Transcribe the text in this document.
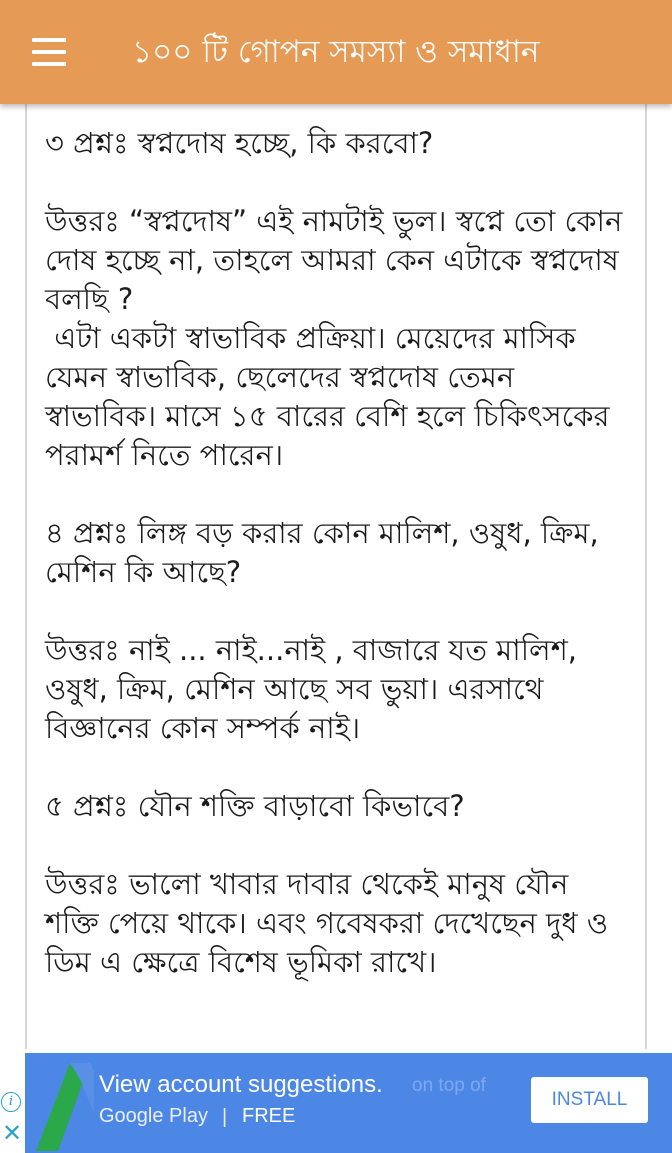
১০০ টি গোপন সমস্যা ও সমাধান

৩ প্রশ্নঃ স্বপ্নদোষ হচ্ছে, কি করবো?

উত্তরঃ “স্বপ্নদোষ” এই নামটাই ভুল। স্বপ্নে তো কোন দোষ হচ্ছে না, তাহলে আমরা কেন এটাকে স্বপ্নদোষ বলছি ?
এটা একটা স্বাভাবিক প্রক্রিয়া। মেয়েদের মাসিক যেমন স্বাভাবিক, ছেলেদের স্বপ্নদোষ তেমন স্বাভাবিক। মাসে ১৫ বারের বেশি হলে চিকিৎসকের পরামর্শ নিতে পারেন।

৪ প্রশ্নঃ লিঙ্গ বড় করার কোন মালিশ, ওষুধ, ক্রিম, মেশিন কি আছে?

উত্তরঃ নাই ... নাই...নাই , বাজারে যত মালিশ, ওষুধ, ক্রিম, মেশিন আছে সব ভুয়া। এরসাথে বিজ্ঞানের কোন সম্পর্ক নাই।

৫ প্রশ্নঃ যৌন শক্তি বাড়াবো কিভাবে?

উত্তরঃ ভালো খাবার দাবার থেকেই মানুষ যৌন শক্তি পেয়ে থাকে। এবং গবেষকরা দেখেছেন দুধ ও ডিম এ ক্ষেত্রে বিশেষ ভূমিকা রাখে।

i
✕
on top of
View account suggestions.
Google Play | FREE
INSTALL
